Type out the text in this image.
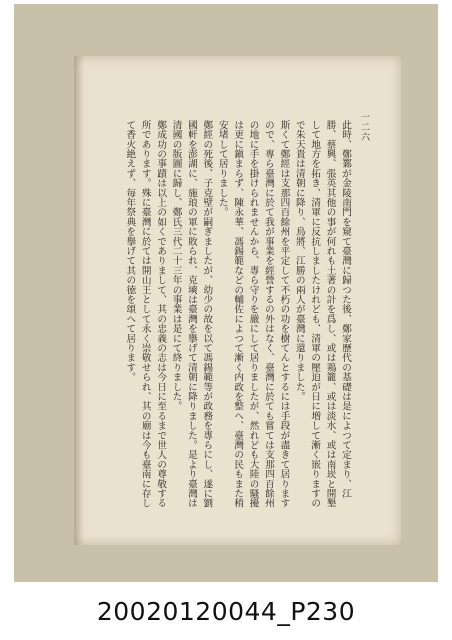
一二六

此時、鄭鄴が金陵南門を窺て臺灣に歸つた後、鄭家歷代の基礎は是によつて定まり、江勝、蔡興、張英其他の事が何れも土著の計を爲し、或は鶏籠、或は淡水、或は南崁と開墾して地方を拓き、清軍に反抗しましたけれども、清軍の壓迫が日に増して漸く嵌りますので朱天貴は清朝に降り、鳥將、江勝の兩人が臺灣に還りました。

斯くて鄭經は支那四百餘州を平定して不朽の功を樹てんとするには手段が盡きて居りますので、專ら臺灣に於て我が事業を經營するの外はなく、臺灣に於ても嘗ては支那四百餘州の地に手を掛けられませんから、專ら守りを嚴にして居りましたが、然れども大陸の騷擾は更に鎭まらず、陳永華、馮錫範などの輔佐によつて漸く内政を整へ、臺灣の民もまた稍安堵して居りました。

鄭經の死後、子克壁が嗣ぎましたが、幼少の故を以て馮錫範等が政務を專らにし、遂に劉國軒を澎湖に、施琅の軍に敗られ、克塽は臺灣を擧げて清朝に降りました。是より臺灣は清國の版圖に歸し、鄭氏三代二十三年の事業は是にて終りました。

鄭成功の事蹟は以上の如くでありまして、其の忠義の志は今日に至るまで世人の尊敬する所であります。殊に臺灣に於ては開山王として永く崇敬せられ、其の廟は今も臺南に存して香火絶えず、毎年祭典を擧げて其の徳を頌へて居ります。

20020120044_P230
